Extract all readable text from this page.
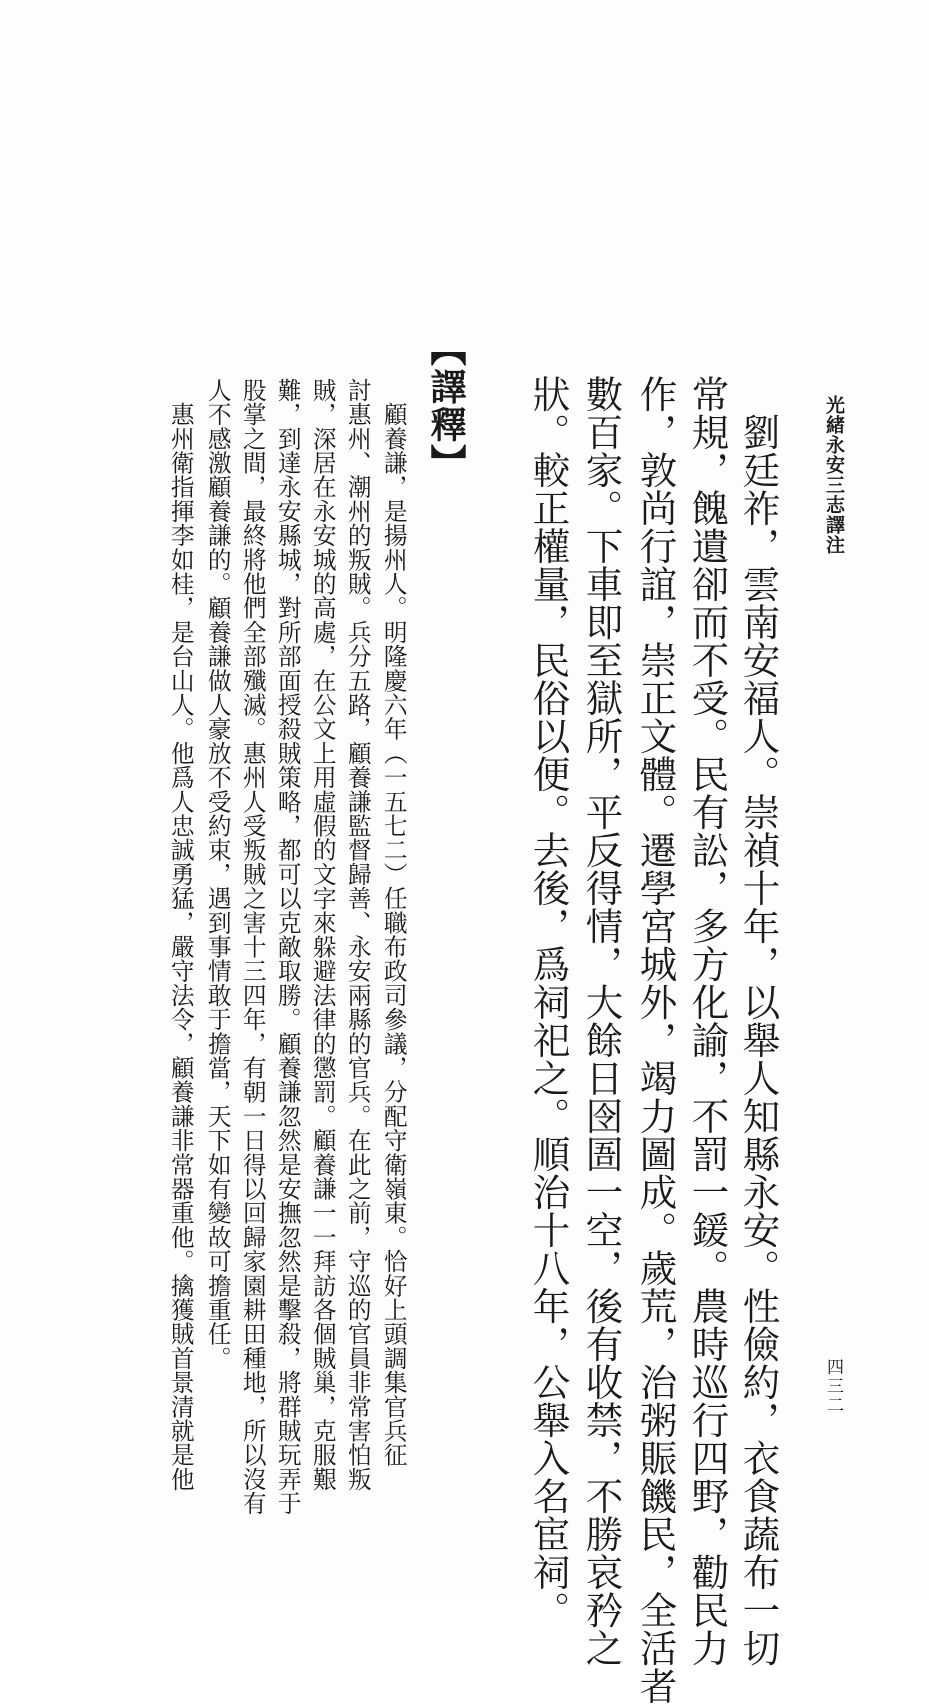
光緒永安三志譯注
四三二
　劉廷祚，雲南安福人。崇禎十年，以舉人知縣永安。性儉約，衣食蔬布一切
常規，餽遺卻而不受。民有訟，多方化諭，不罰一鍰。農時巡行四野，勸民力
作，敦尚行誼，崇正文體。遷學宮城外，竭力圖成。歲荒，治粥賑饑民，全活者
數百家。下車即至獄所，平反得情，大餘日囹圄一空，後有收禁，不勝哀矜之
狀。較正權量，民俗以便。去後，爲祠祀之。順治十八年，公舉入名宦祠。
【譯釋】
　顧養謙，是揚州人。明隆慶六年（一五七二）任職布政司參議，分配守衛嶺東。恰好上頭調集官兵征
討惠州、潮州的叛賊。兵分五路，顧養謙監督歸善、永安兩縣的官兵。在此之前，守巡的官員非常害怕叛
賊，深居在永安城的高處，在公文上用虛假的文字來躲避法律的懲罰。顧養謙一一拜訪各個賊巢，克服艱
難，到達永安縣城，對所部面授殺賊策略，都可以克敵取勝。顧養謙忽然是安撫忽然是擊殺，將群賊玩弄于
股掌之間，最終將他們全部殲滅。惠州人受叛賊之害十三四年，有朝一日得以回歸家園耕田種地，所以沒有
人不感激顧養謙的。顧養謙做人豪放不受約束，遇到事情敢于擔當，天下如有變故可擔重任。
　惠州衛指揮李如桂，是台山人。他爲人忠誠勇猛，嚴守法令，顧養謙非常器重他。擒獲賊首景清就是他
